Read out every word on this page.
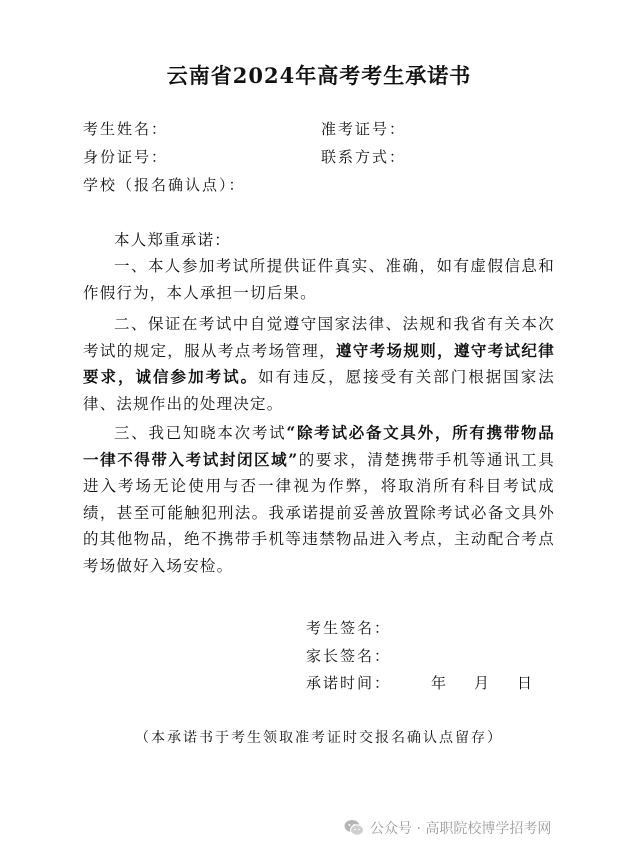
云南省2024年高考考生承诺书
考生姓名：	准考证号：
身份证号：	联系方式：
学校（报名确认点）：
本人郑重承诺：
一、本人参加考试所提供证件真实、准确，如有虚假信息和作假行为，本人承担一切后果。
二、保证在考试中自觉遵守国家法律、法规和我省有关本次考试的规定，服从考点考场管理，遵守考场规则，遵守考试纪律要求，诚信参加考试。如有违反，愿接受有关部门根据国家法律、法规作出的处理决定。
三、我已知晓本次考试“除考试必备文具外，所有携带物品一律不得带入考试封闭区域”的要求，清楚携带手机等通讯工具进入考场无论使用与否一律视为作弊，将取消所有科目考试成绩，甚至可能触犯刑法。我承诺提前妥善放置除考试必备文具外的其他物品，绝不携带手机等违禁物品进入考点，主动配合考点考场做好入场安检。
考生签名：
家长签名：
承诺时间：	年 月 日
（本承诺书于考生领取准考证时交报名确认点留存）
公众号 · 高职院校博学招考网
